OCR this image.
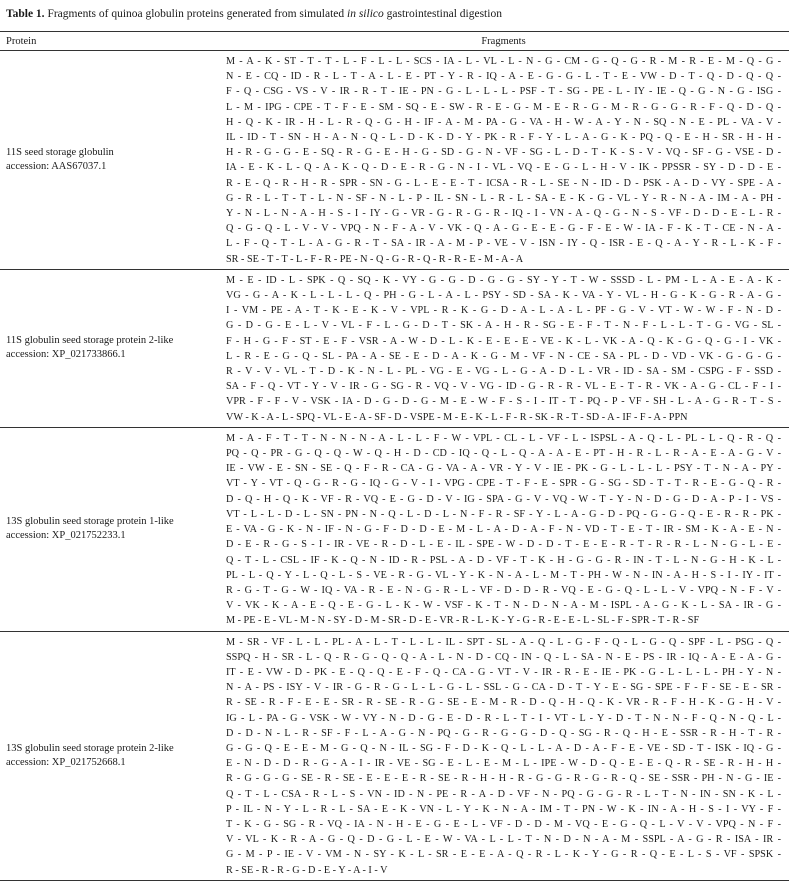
Table 1. Fragments of quinoa globulin proteins generated from simulated in silico gastrointestinal digestion
Protein	Fragments
11S seed storage globulin
accession: AAS67037.1
M - A - K - ST - T - T - L - F - L - L - SCS - IA - L - VL - L - N - G - CM - G - Q - G - R - M - R - E - M - Q - G -
N - E - CQ - ID - R - L - T - A - L - E - PT - Y - R - IQ - A - E - G - G - L - T - E - VW - D - T - Q - D - Q - Q -
F - Q - CSG - VS - V - IR - R - T - IE - PN - G - L - L - L - PSF - T - SG - PE - L - IY - IE - Q - G - N - G - ISG -
L - M - IPG - CPE - T - F - E - SM - SQ - E - SW - R - E - G - M - E - R - G - M - R - G - G - R - F - Q - D - Q -
H - Q - K - IR - H - L - R - Q - G - H - IF - A - M - PA - G - VA - H - W - A - Y - N - SQ - N - E - PL - VA - V -
IL - ID - T - SN - H - A - N - Q - L - D - K - D - Y - PK - R - F - Y - L - A - G - K - PQ - Q - E - H - SR - H - H -
H - R - G - G - E - SQ - R - G - E - H - G - SD - G - N - VF - SG - L - D - T - K - S - V - VQ - SF - G - VSE - D -
IA - E - K - L - Q - A - K - Q - D - E - R - G - N - I - VL - VQ - E - G - L - H - V - IK - PPSSR - SY - D - D - E -
R - E - Q - R - H - R - SPR - SN - G - L - E - E - T - ICSA - R - L - SE - N - ID - D - PSK - A - D - VY - SPE - A -
G - R - L - T - T - L - N - SF - N - L - P - IL - SN - L - R - L - SA - E - K - G - VL - Y - R - N - A - IM - A - PH -
Y - N - L - N - A - H - S - I - IY - G - VR - G - R - G - R - IQ - I - VN - A - Q - G - N - S - VF - D - D - E - L - R -
Q - G - Q - L - V - V - VPQ - N - F - A - V - VK - Q - A - G - E - E - G - F - E - W - IA - F - K - T - CE - N - A -
L - F - Q - T - L - A - G - R - T - SA - IR - A - M - P - VE - V - ISN - IY - Q - ISR - E - Q - A - Y - R - L - K - F -
SR - SE - T - T - L - F - R - PE - N - Q - G - R - Q - R - R - E - M - A - A
11S globulin seed storage protein 2-like
accession: XP_021733866.1
M - E - ID - L - SPK - Q - SQ - K - VY - G - G - D - G - G - SY - Y - T - W - SSSD - L - PM - L - A - E - A - K -
VG - G - A - K - L - L - L - Q - PH - G - L - A - L - PSY - SD - SA - K - VA - Y - VL - H - G - K - G - R - A - G -
I - VM - PE - A - T - K - E - K - V - VPL - R - K - G - D - A - L - A - L - PF - G - V - VT - W - W - F - N - D -
G - D - G - E - L - V - VL - F - L - G - D - T - SK - A - H - R - SG - E - F - T - N - F - L - L - T - G - VG - SL -
F - H - G - F - ST - E - F - VSR - A - W - D - L - K - E - E - E - VE - K - L - VK - A - Q - K - G - Q - G - I - VK -
L - R - E - G - Q - SL - PA - A - SE - E - D - A - K - G - M - VF - N - CE - SA - PL - D - VD - VK - G - G - G -
R - V - V - VL - T - D - K - N - L - PL - VG - E - VG - L - G - A - D - L - VR - ID - SA - SM - CSPG - F - SSD -
SA - F - Q - VT - Y - V - IR - G - SG - R - VQ - V - VG - ID - G - R - R - VL - E - T - R - VK - A - G - CL - F - I -
VPR - F - F - V - VSK - IA - D - G - D - G - M - E - W - F - S - I - IT - T - PQ - P - VF - SH - L - A - G - R - T - S -
VW - K - A - L - SPQ - VL - E - A - SF - D - VSPE - M - E - K - L - F - R - SK - R - T - SD - A - IF - F - A - PPN
13S globulin seed storage protein 1-like
accession: XP_021752233.1
M - A - F - T - T - N - N - N - A - L - L - F - W - VPL - CL - L - VF - L - ISPSL - A - Q - L - PL - L - Q - R - Q -
PQ - Q - PR - G - Q - Q - W - Q - H - D - CD - IQ - Q - L - Q - A - A - E - PT - H - R - L - R - A - E - A - G - V -
IE - VW - E - SN - SE - Q - F - R - CA - G - VA - A - VR - Y - V - IE - PK - G - L - L - L - PSY - T - N - A - PY -
VT - Y - VT - Q - G - R - G - IQ - G - V - I - VPG - CPE - T - F - E - SPR - G - SG - SD - T - T - R - E - G - Q - R -
D - Q - H - Q - K - VF - R - VQ - E - G - D - V - IG - SPA - G - V - VQ - W - T - Y - N - D - G - D - A - P - I - VS -
VT - L - L - D - L - SN - PN - N - Q - L - D - L - N - F - R - SF - Y - L - A - G - D - PQ - G - G - Q - E - R - R - PK -
E - VA - G - K - N - IF - N - G - F - D - D - E - M - L - A - D - A - F - N - VD - T - E - T - IR - SM - K - A - E - N -
D - E - R - G - S - I - IR - VE - R - D - L - E - IL - SPE - W - D - D - T - E - E - R - T - R - R - L - N - G - L - E -
Q - T - L - CSL - IF - K - Q - N - ID - R - PSL - A - D - VF - T - K - H - G - G - R - IN - T - L - N - G - H - K - L -
PL - L - Q - Y - L - Q - L - S - VE - R - G - VL - Y - K - N - A - L - M - T - PH - W - N - IN - A - H - S - I - IY - IT -
R - G - T - G - W - IQ - VA - R - E - N - G - R - L - VF - D - D - R - VQ - E - G - Q - L - L - V - VPQ - N - F - V -
V - VK - K - A - E - Q - E - G - L - K - W - VSF - K - T - N - D - N - A - M - ISPL - A - G - K - L - SA - IR - G -
M - PE - E - VL - M - N - SY - D - M - SR - D - E - VR - R - L - K - Y - G - R - E - E - L - SL - F - SPR - T - R - SF
13S globulin seed storage protein 2-like
accession: XP_021752668.1
M - SR - VF - L - L - PL - A - L - T - L - L - IL - SPT - SL - A - Q - L - G - F - Q - L - G - Q - SPF - L - PSG - Q -
SSPQ - H - SR - L - Q - R - G - Q - Q - A - L - N - D - CQ - IN - Q - L - SA - N - E - PS - IR - IQ - A - E - A - G -
IT - E - VW - D - PK - E - Q - Q - E - F - Q - CA - G - VT - V - IR - R - E - IE - PK - G - L - L - L - PH - Y - N -
N - A - PS - ISY - V - IR - G - R - G - L - L - G - L - SSL - G - CA - D - T - Y - E - SG - SPE - F - F - SE - E - SR -
R - SE - R - F - E - E - SR - R - SE - R - G - SE - E - M - R - D - Q - H - Q - K - VR - R - F - H - K - G - H - V -
IG - L - PA - G - VSK - W - VY - N - D - G - E - D - R - L - T - I - VT - L - Y - D - T - N - N - F - Q - N - Q - L -
D - D - N - L - R - SF - F - L - A - G - N - PQ - G - R - G - G - D - Q - SG - R - Q - H - E - SSR - R - H - T - R -
G - G - Q - E - E - M - G - Q - N - IL - SG - F - D - K - Q - L - L - A - D - A - F - E - VE - SD - T - ISK - IQ - G -
E - N - D - D - R - G - A - I - IR - VE - SG - E - L - E - M - L - IPE - W - D - Q - E - E - Q - R - SE - R - H - H -
R - G - G - G - SE - R - SE - E - E - E - R - SE - R - H - H - R - G - G - R - G - R - Q - SE - SSR - PH - N - G - IE -
Q - T - L - CSA - R - L - S - VN - ID - N - PE - R - A - D - VF - N - PQ - G - G - R - L - T - N - IN - SN - K - L -
P - IL - N - Y - L - R - L - SA - E - K - VN - L - Y - K - N - A - IM - T - PN - W - K - IN - A - H - S - I - VY - F -
T - K - G - SG - R - VQ - IA - N - H - E - G - E - L - VF - D - D - M - VQ - E - G - Q - L - V - V - VPQ - N - F -
V - VL - K - R - A - G - Q - D - G - L - E - W - VA - L - L - T - N - D - N - A - M - SSPL - A - G - R - ISA - IR -
G - M - P - IE - V - VM - N - SY - K - L - SR - E - E - A - Q - R - L - K - Y - G - R - Q - E - L - S - VF - SPSK -
R - SE - R - R - G - D - E - Y - A - I - V
